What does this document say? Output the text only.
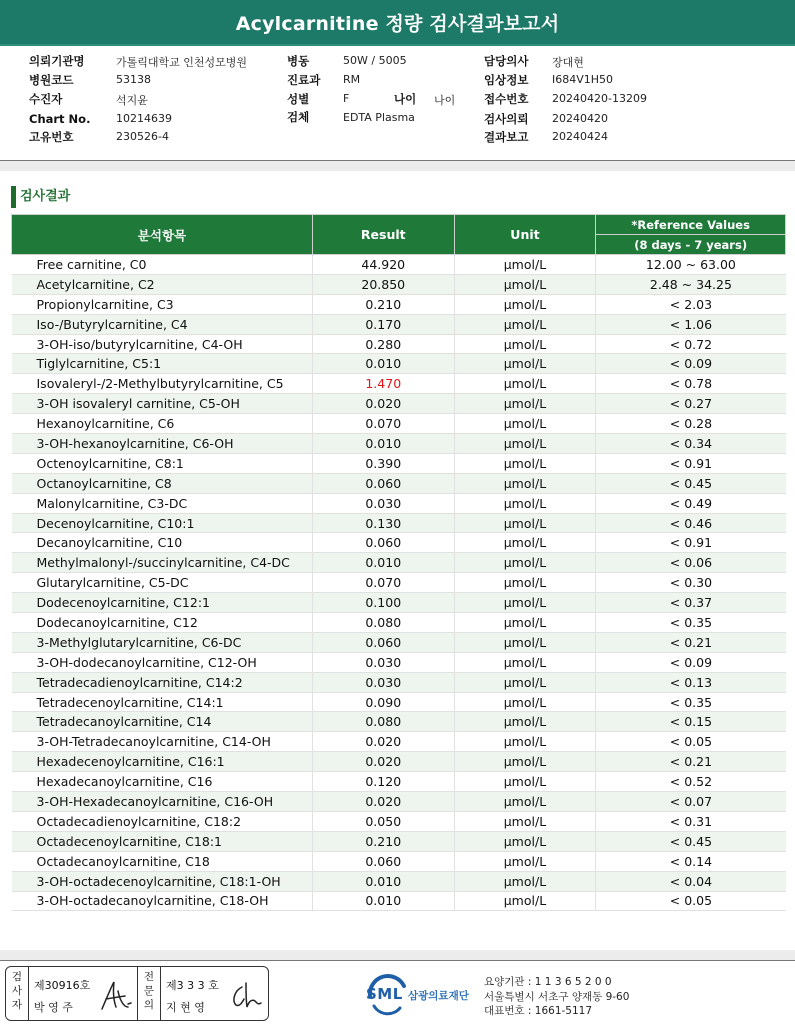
Acylcarnitine 정량 검사결과보고서
의뢰기관명	가톨릭대학교 인천성모병원
병원코드	53138
수진자	석지윤
Chart No. 10214639
고유번호	230526-4
병동	50W / 5005
진료과 RM
성별	F	나이 나이
검체	EDTA Plasma
담당의사 장대현
임상정보 I684V1H50
접수번호 20240420-13209
검사의뢰 20240420
결과보고 20240424
검사결과
분석항목	Result	Unit	*Reference Values
			(8 days - 7 years)
Free carnitine, C0	44.920	μmol/L	12.00 ~ 63.00
Acetylcarnitine, C2	20.850	μmol/L	2.48 ~ 34.25
Propionylcarnitine, C3	0.210	μmol/L	< 2.03
Iso-/Butyrylcarnitine, C4	0.170	μmol/L	< 1.06
3-OH-iso/butyrylcarnitine, C4-OH	0.280	μmol/L	< 0.72
Tiglylcarnitine, C5:1	0.010	μmol/L	< 0.09
Isovaleryl-/2-Methylbutyrylcarnitine, C5	1.470	μmol/L	< 0.78
3-OH isovaleryl carnitine, C5-OH	0.020	μmol/L	< 0.27
Hexanoylcarnitine, C6	0.070	μmol/L	< 0.28
3-OH-hexanoylcarnitine, C6-OH	0.010	μmol/L	< 0.34
Octenoylcarnitine, C8:1	0.390	μmol/L	< 0.91
Octanoylcarnitine, C8	0.060	μmol/L	< 0.45
Malonylcarnitine, C3-DC	0.030	μmol/L	< 0.49
Decenoylcarnitine, C10:1	0.130	μmol/L	< 0.46
Decanoylcarnitine, C10	0.060	μmol/L	< 0.91
Methylmalonyl-/succinylcarnitine, C4-DC	0.010	μmol/L	< 0.06
Glutarylcarnitine, C5-DC	0.070	μmol/L	< 0.30
Dodecenoylcarnitine, C12:1	0.100	μmol/L	< 0.37
Dodecanoylcarnitine, C12	0.080	μmol/L	< 0.35
3-Methylglutarylcarnitine, C6-DC	0.060	μmol/L	< 0.21
3-OH-dodecanoylcarnitine, C12-OH	0.030	μmol/L	< 0.09
Tetradecadienoylcarnitine, C14:2	0.030	μmol/L	< 0.13
Tetradecenoylcarnitine, C14:1	0.090	μmol/L	< 0.35
Tetradecanoylcarnitine, C14	0.080	μmol/L	< 0.15
3-OH-Tetradecanoylcarnitine, C14-OH	0.020	μmol/L	< 0.05
Hexadecenoylcarnitine, C16:1	0.020	μmol/L	< 0.21
Hexadecanoylcarnitine, C16	0.120	μmol/L	< 0.52
3-OH-Hexadecanoylcarnitine, C16-OH	0.020	μmol/L	< 0.07
Octadecadienoylcarnitine, C18:2	0.050	μmol/L	< 0.31
Octadecenoylcarnitine, C18:1	0.210	μmol/L	< 0.45
Octadecanoylcarnitine, C18	0.060	μmol/L	< 0.14
3-OH-octadecenoylcarnitine, C18:1-OH	0.010	μmol/L	< 0.04
3-OH-octadecanoylcarnitine, C18-OH	0.010	μmol/L	< 0.05
검사자
제30916호
박 영 주
전문의
제3 3 3 호
지 현 영
SML 삼광의료재단
요양기관 : 1 1 3 6 5 2 0 0
서울특별시 서초구 양재동 9-60
대표번호 : 1661-5117
